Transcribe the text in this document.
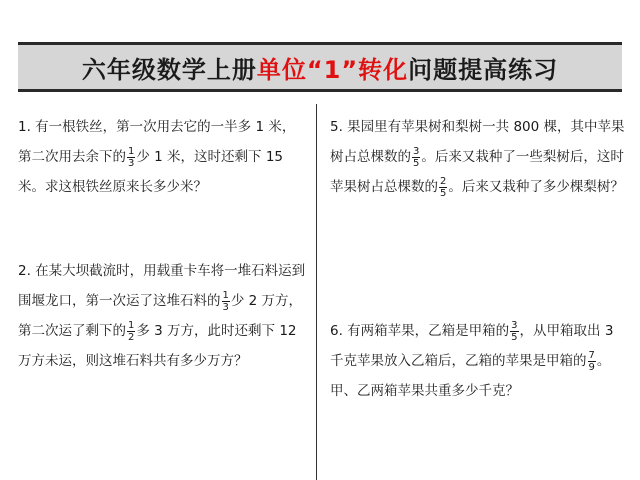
六年级数学上册 单位“1”转化 问题提高练习
1. 有一根铁丝，第一次用去它的一半多 1 米，第二次用去余下的 $\frac{1}{3}$ 少 1 米，这时还剩下 15 米。求这根铁丝原来长多少米？
2. 在某大坝截流时，用载重卡车将一堆石料运到围堰龙口，第一次运了这堆石料的 $\frac{1}{3}$ 少 2 万方，第二次运了剩下的 $\frac{1}{2}$ 多 3 万方，此时还剩下 12 万方未运，则这堆石料共有多少万方？
5. 果园里有苹果树和梨树一共 800 棵，其中苹果树占总棵数的 $\frac{3}{5}$ 。后来又栽种了一些梨树后，这时苹果树占总棵数的 $\frac{2}{5}$ 。后来又栽种了多少棵梨树？
6. 有两箱苹果，乙箱是甲箱的 $\frac{3}{5}$ ，从甲箱取出 3 千克苹果放入乙箱后，乙箱的苹果是甲箱的 $\frac{7}{9}$ 。甲、乙两箱苹果共重多少千克？
